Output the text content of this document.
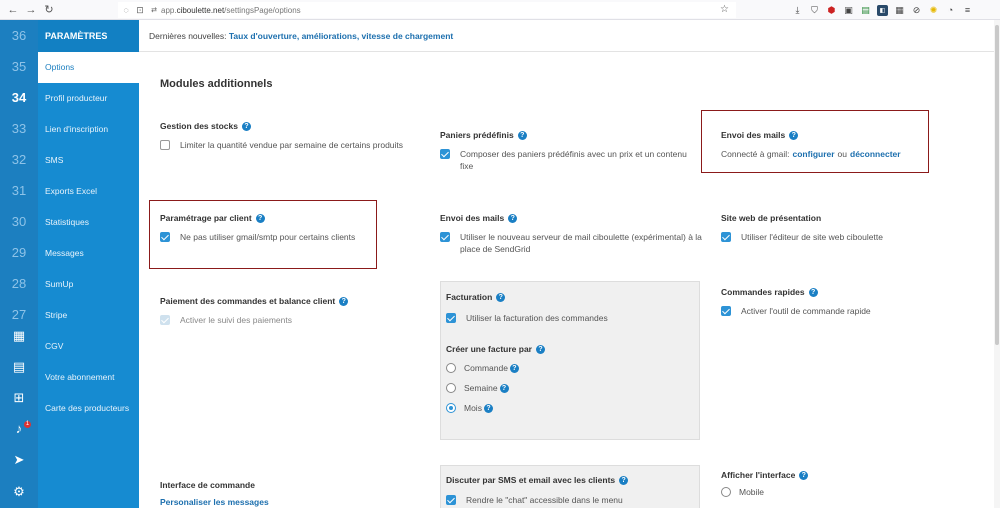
← → ↻	◌ ⊡	⇄ app. ciboulette.net /settingsPage/options	☆	⤓	⛉ ⬢ ▣ ▤	◧ ▦ ⊘ ✺	◔	≡
36
35
34
33
32
31
30
29
28
27
▦
▤
⊞
♪ 1
➤
⚙
PARAMÈTRES
Options
Profil producteur
Lien d'inscription
SMS
Exports Excel
Statistiques
Messages
SumUp
Stripe
CGV
Votre abonnement
Carte des producteurs
Dernières nouvelles: Taux d'ouverture, améliorations, vitesse de chargement
Modules additionnels
Gestion des stocks ?
Limiter la quantité vendue par semaine de certains produits
Paniers prédéfinis ?
Composer des paniers prédéfinis avec un prix et un contenu fixe
Envoi des mails ?
Connecté à gmail: configurer ou déconnecter
Paramétrage par client ?
Ne pas utiliser gmail/smtp pour certains clients
Envoi des mails ?
Utiliser le nouveau serveur de mail ciboulette (expérimental) à la place de SendGrid
Site web de présentation
Utiliser l'éditeur de site web ciboulette
Paiement des commandes et balance client ?
Activer le suivi des paiements
Facturation ?
Utiliser la facturation des commandes
Créer une facture par ?
Commande ?
Semaine ?
Mois ?
Commandes rapides ?
Activer l'outil de commande rapide
Interface de commande
Personaliser les messages
Discuter par SMS et email avec les clients ?
Rendre le "chat" accessible dans le menu
Afficher l'interface ?
Mobile
